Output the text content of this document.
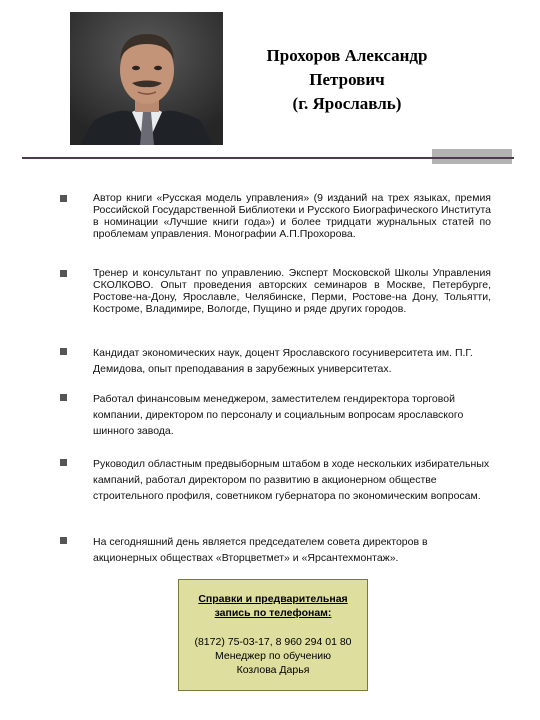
Прохоров Александр
Петрович
(г. Ярославль)
Автор книги «Русская модель управления» (9 изданий на трех языках, премия Российской Государственной Библиотеки и Русского Биографического Института в номинации «Лучшие книги года») и более тридцати журнальных статей по проблемам управления. Монографии А.П.Прохорова.
Тренер и консультант по управлению. Эксперт Московской Школы Управления СКОЛКОВО. Опыт проведения авторских семинаров в Москве, Петербурге, Ростове-на-Дону, Ярославле, Челябинске, Перми, Ростове-на Дону, Тольятти, Костроме, Владимире, Вологде, Пущино и ряде других городов.
Кандидат экономических наук, доцент Ярославского госуниверситета им. П.Г. Демидова, опыт преподавания в зарубежных университетах.
Работал финансовым менеджером, заместителем гендиректора торговой компании, директором по персоналу и социальным вопросам ярославского шинного завода.
Руководил областным предвыборным штабом в ходе нескольких избирательных кампаний, работал директором по развитию в акционерном обществе строительного профиля, советником губернатора по экономическим вопросам.
На сегодняшний день является председателем совета директоров в акционерных обществах «Вторцветмет» и «Ярсантехмонтаж».
Справки и предварительная запись по телефонам:
(8172) 75-03-17, 8 960 294 01 80
Менеджер по обучению
Козлова Дарья
